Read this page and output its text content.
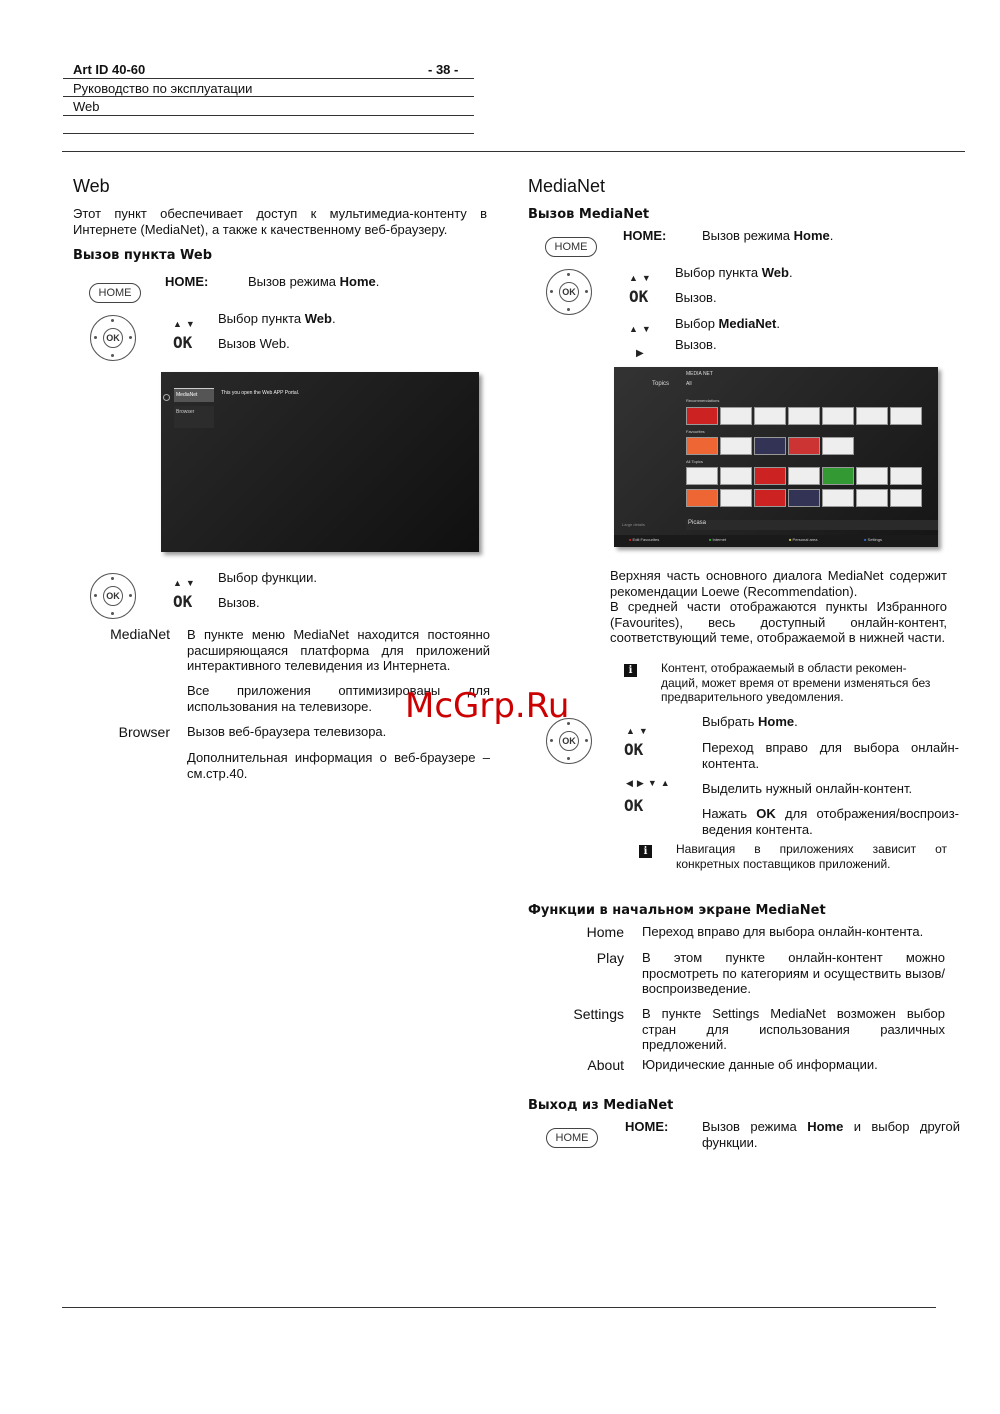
Art ID 40-60	- 38 -
Руководство по эксплуатации
Web
Web
Этот пункт обеспечивает доступ к мультимедиа-контенту в Интернете (MediaNet), а также к качественному веб-браузеру.
Вызов пункта Web
HOME
HOME:	Вызов режима Home.
OK
▲▼
OK
Выбор пункта Web.
Вызов Web.
MediaNet
Browser
This you open the Web APP Portal.
OK
▲▼
OK
Выбор функции.
Вызов.
MediaNet В пункте меню MediaNet находится постоянно расширяющаяся платформа для приложений интерактивного телевидения из Интернета.
Все приложения оптимизированы для использования на телевизоре.
Browser Вызов веб-браузера телевизора.
Дополнительная информация о веб-браузере – см.стр.40.
MediaNet
Вызов MediaNet
HOME
HOME:	Вызов режима Home.
OK
▲▼
OK
Выбор пункта Web.
Вызов.
▲▼
▶
Выбор MediaNet.
Вызов.
MEDIA NET
Topics	All
Recommendations
Favourites
All Topics
Large details	Picasa
■ Edit Favourites	■ Internet	■ Personal area	■ Settings
Верхняя часть основного диалога MediaNet содержит рекомендации Loewe (Recommendation).
В средней части отображаются пункты Избранного (Favourites), весь доступный онлайн-контент, соответствующий теме, отображаемой в нижней части.
i	Контент, отображаемый в области рекомен-даций, может время от времени изменяться без предварительного уведомления.
OK
▲▼
OK
Выбрать Home.
Переход вправо для выбора онлайн-контента.
◀▶▼▲
OK
Выделить нужный онлайн-контент.
Нажать OK для отображения/воспроиз-ведения контента.
i	Навигация в приложениях зависит от конкретных поставщиков приложений.
Функции в начальном экране MediaNet
Home Переход вправо для выбора онлайн-контента.
Play В этом пункте онлайн-контент можно просмотреть по категориям и осуществить вызов/воспроизведение.
Settings В пункте Settings MediaNet возможен выбор стран для использования различных предложений.
About Юридические данные об информации.
Выход из MediaNet
HOME
HOME:	Вызов режима Home и выбор другой функции.
McGrp.Ru
